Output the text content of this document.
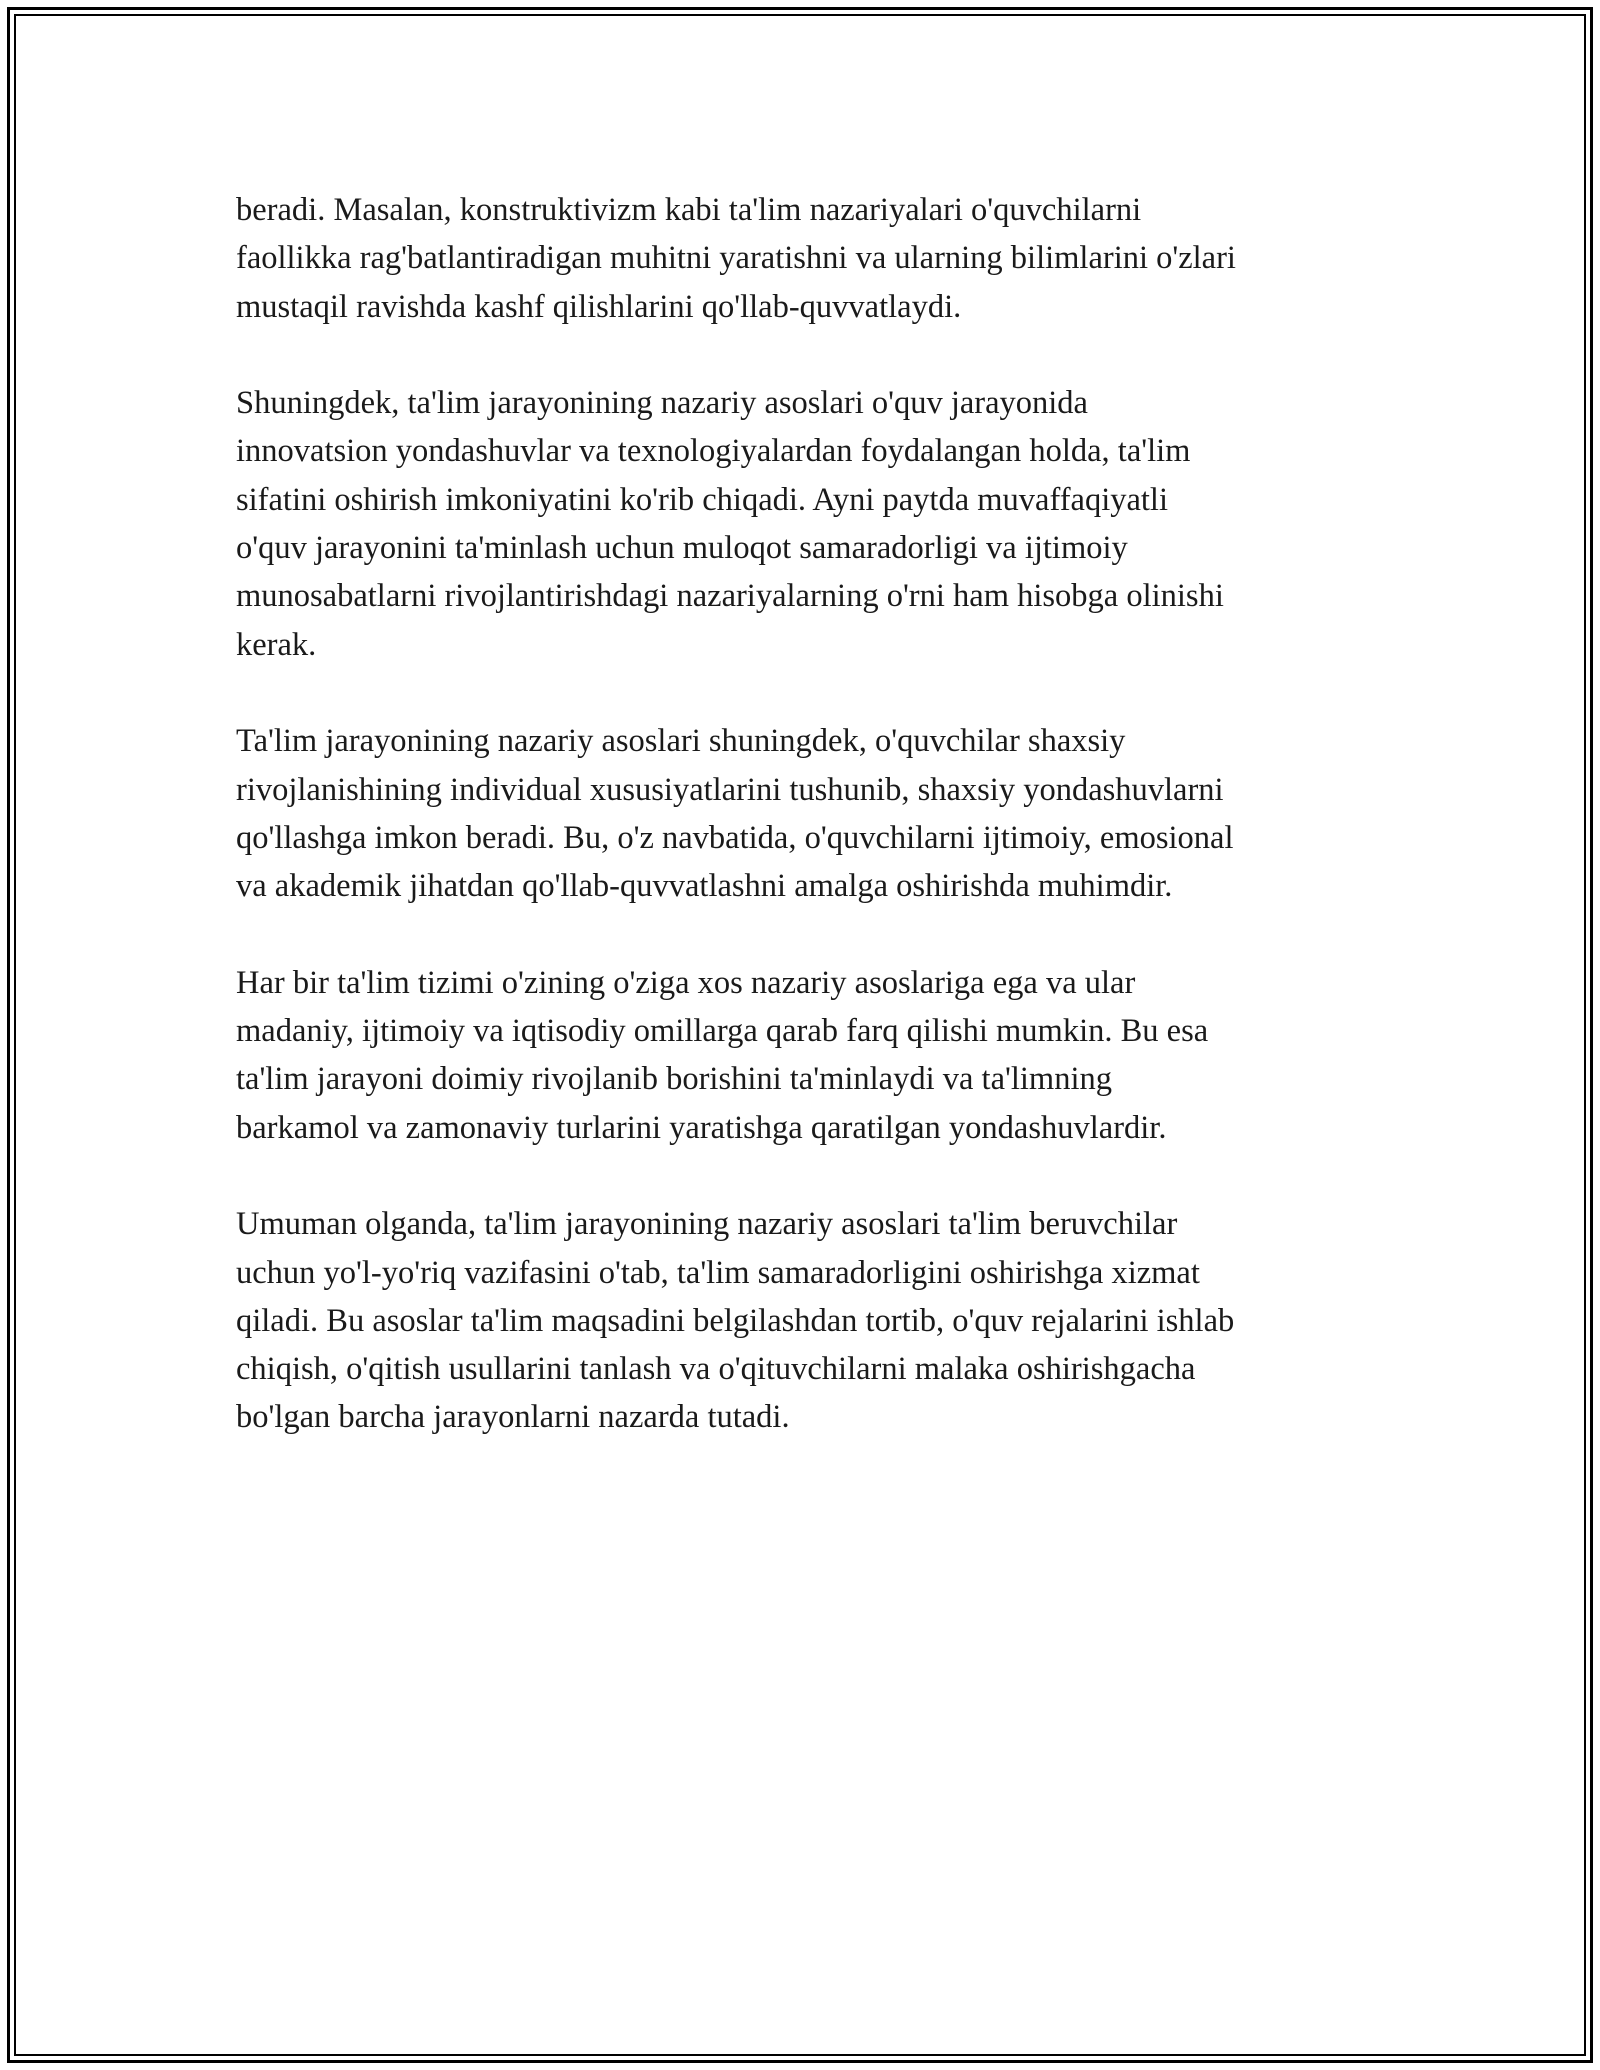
beradi. Masalan, konstruktivizm kabi ta'lim nazariyalari o'quvchilarni
faollikka rag'batlantiradigan muhitni yaratishni va ularning bilimlarini o'zlari
mustaqil ravishda kashf qilishlarini qo'llab-quvvatlaydi.

Shuningdek, ta'lim jarayonining nazariy asoslari o'quv jarayonida
innovatsion yondashuvlar va texnologiyalardan foydalangan holda, ta'lim
sifatini oshirish imkoniyatini ko'rib chiqadi. Ayni paytda muvaffaqiyatli
o'quv jarayonini ta'minlash uchun muloqot samaradorligi va ijtimoiy
munosabatlarni rivojlantirishdagi nazariyalarning o'rni ham hisobga olinishi
kerak.

Ta'lim jarayonining nazariy asoslari shuningdek, o'quvchilar shaxsiy
rivojlanishining individual xususiyatlarini tushunib, shaxsiy yondashuvlarni
qo'llashga imkon beradi. Bu, o'z navbatida, o'quvchilarni ijtimoiy, emosional
va akademik jihatdan qo'llab-quvvatlashni amalga oshirishda muhimdir.

Har bir ta'lim tizimi o'zining o'ziga xos nazariy asoslariga ega va ular
madaniy, ijtimoiy va iqtisodiy omillarga qarab farq qilishi mumkin. Bu esa
ta'lim jarayoni doimiy rivojlanib borishini ta'minlaydi va ta'limning
barkamol va zamonaviy turlarini yaratishga qaratilgan yondashuvlardir.

Umuman olganda, ta'lim jarayonining nazariy asoslari ta'lim beruvchilar
uchun yo'l-yo'riq vazifasini o'tab, ta'lim samaradorligini oshirishga xizmat
qiladi. Bu asoslar ta'lim maqsadini belgilashdan tortib, o'quv rejalarini ishlab
chiqish, o'qitish usullarini tanlash va o'qituvchilarni malaka oshirishgacha
bo'lgan barcha jarayonlarni nazarda tutadi.
